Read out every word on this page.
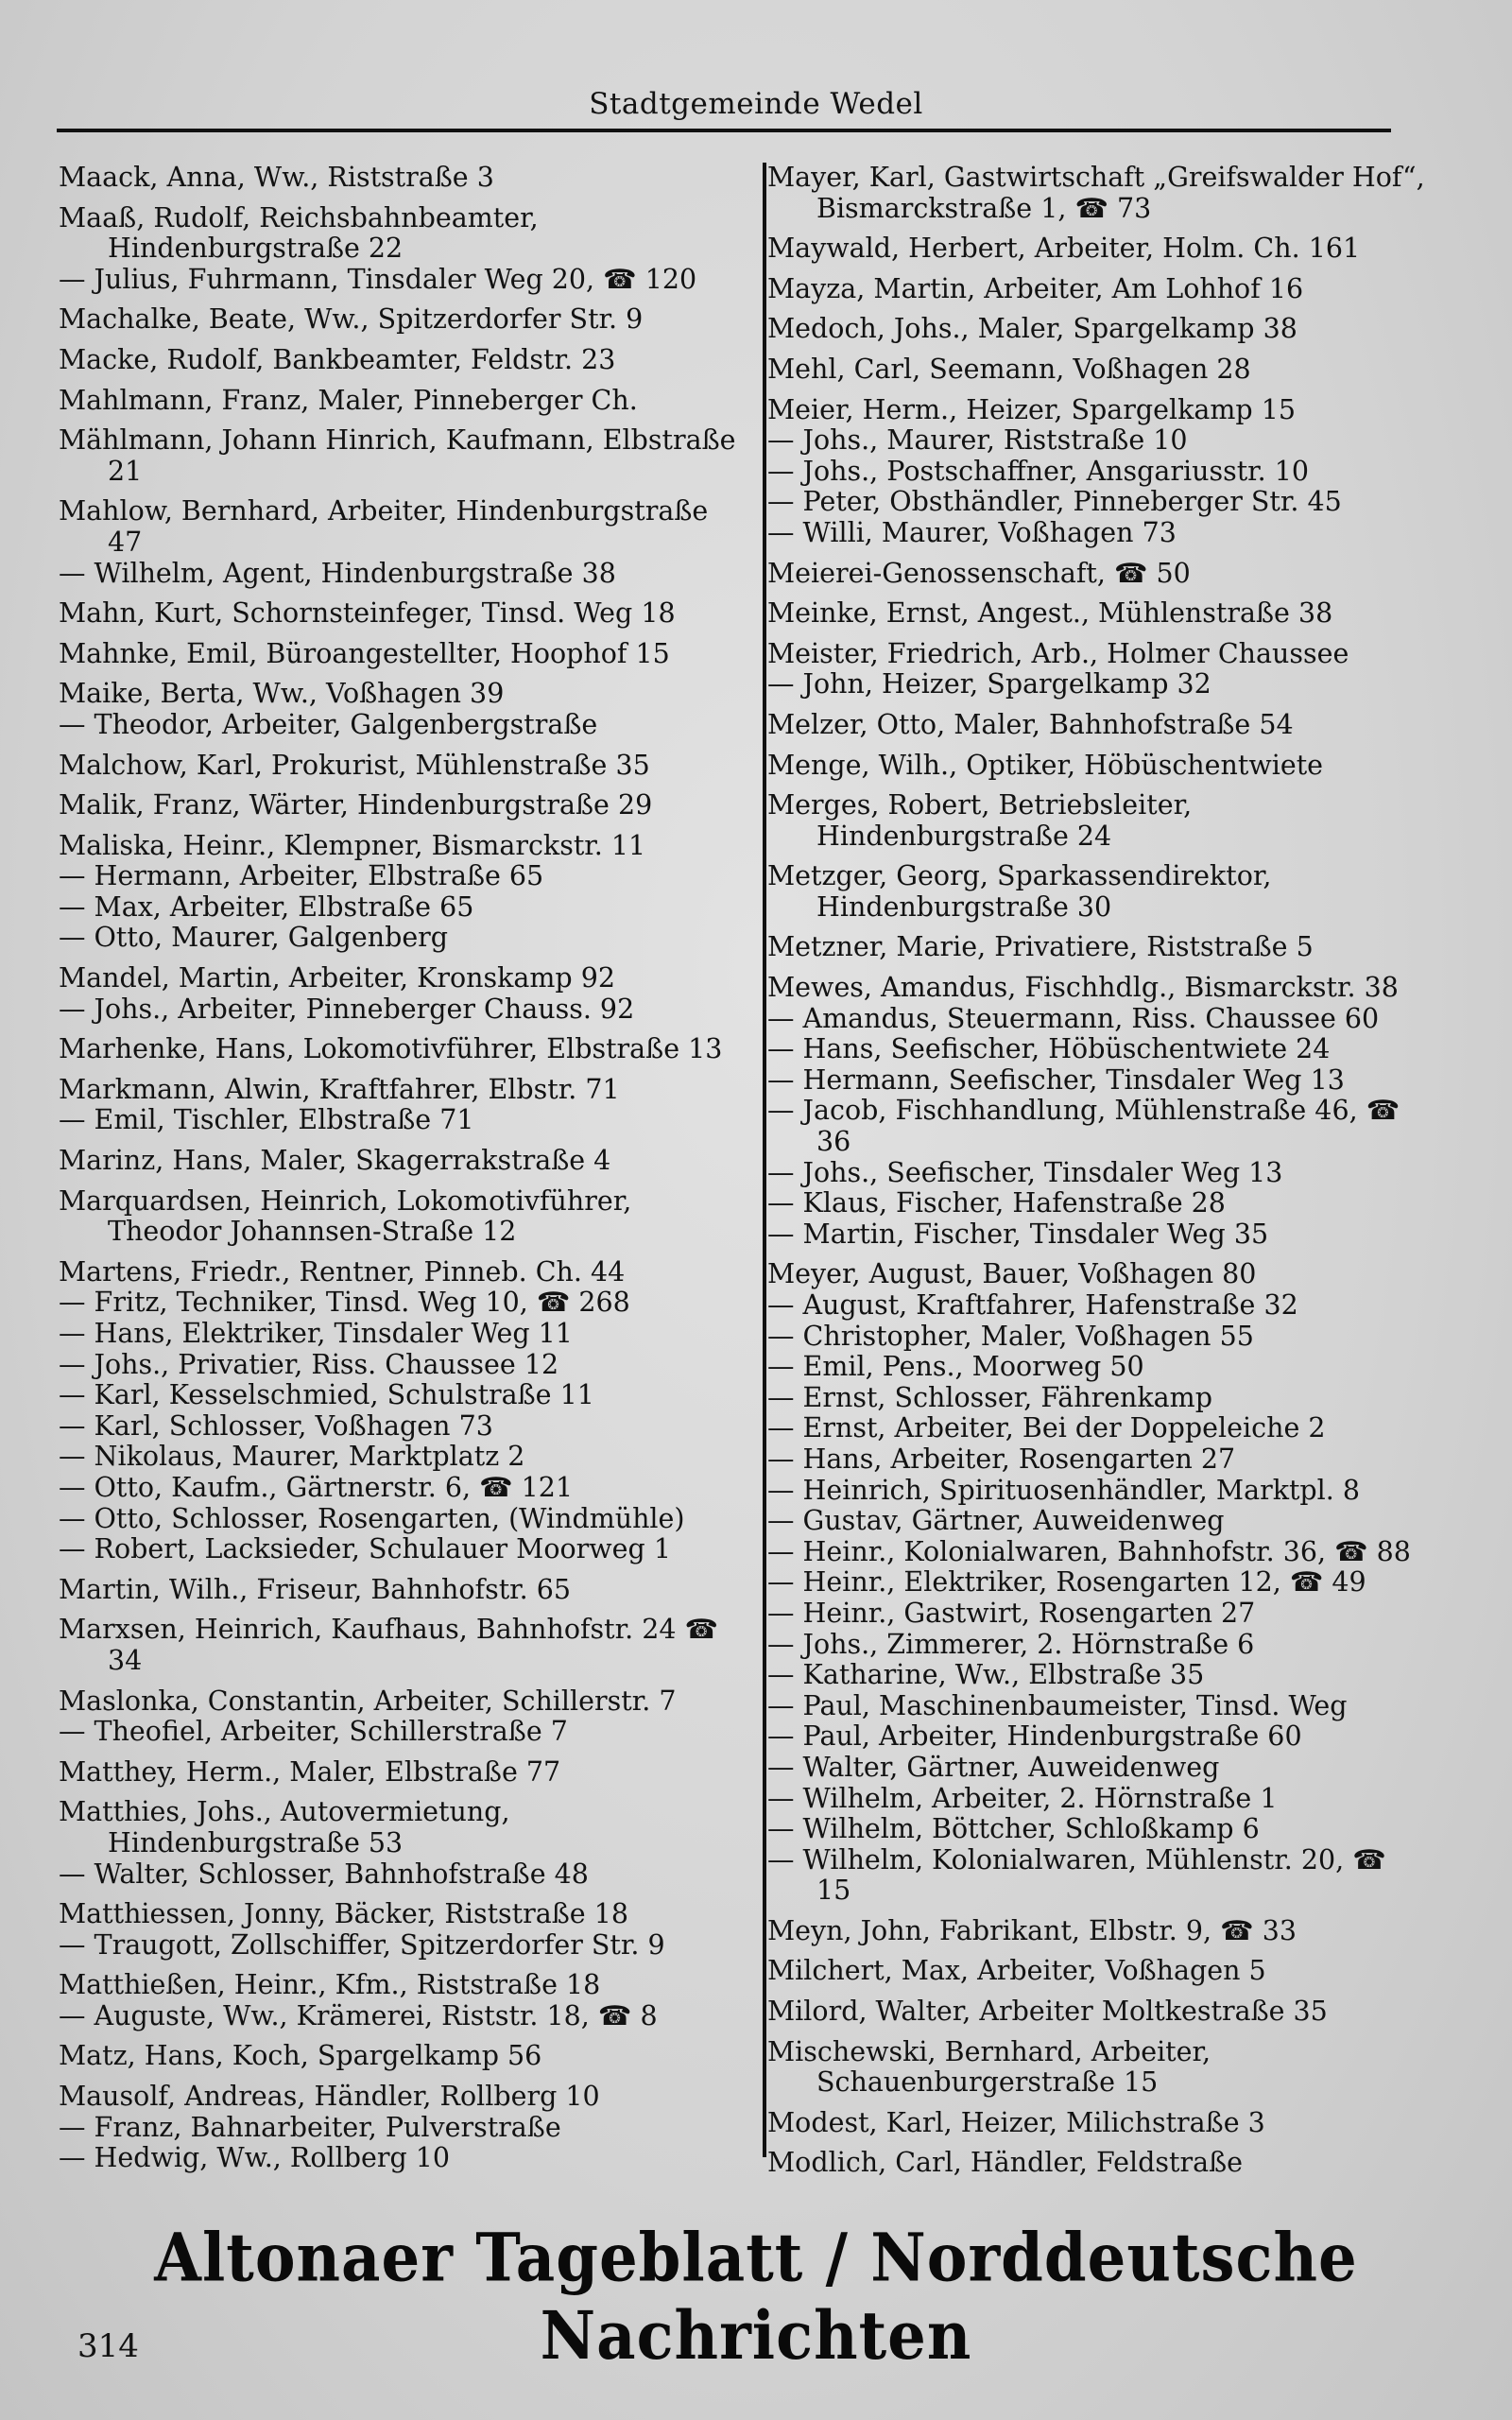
Stadtgemeinde Wedel

Maack, Anna, Ww., Riststraße 3

Maaß, Rudolf, Reichsbahnbeamter, Hindenburgstraße 22

— Julius, Fuhrmann, Tinsdaler Weg 20, ☎ 120

Machalke, Beate, Ww., Spitzerdorfer Str. 9

Macke, Rudolf, Bankbeamter, Feldstr. 23

Mahlmann, Franz, Maler, Pinneberger Ch.

Mählmann, Johann Hinrich, Kaufmann, Elbstraße 21

Mahlow, Bernhard, Arbeiter, Hindenburgstraße 47

— Wilhelm, Agent, Hindenburgstraße 38

Mahn, Kurt, Schornsteinfeger, Tinsd. Weg 18

Mahnke, Emil, Büroangestellter, Hoophof 15

Maike, Berta, Ww., Voßhagen 39

— Theodor, Arbeiter, Galgenbergstraße

Malchow, Karl, Prokurist, Mühlenstraße 35

Malik, Franz, Wärter, Hindenburgstraße 29

Maliska, Heinr., Klempner, Bismarckstr. 11

— Hermann, Arbeiter, Elbstraße 65

— Max, Arbeiter, Elbstraße 65

— Otto, Maurer, Galgenberg

Mandel, Martin, Arbeiter, Kronskamp 92

— Johs., Arbeiter, Pinneberger Chauss. 92

Marhenke, Hans, Lokomotivführer, Elbstraße 13

Markmann, Alwin, Kraftfahrer, Elbstr. 71

— Emil, Tischler, Elbstraße 71

Marinz, Hans, Maler, Skagerrakstraße 4

Marquardsen, Heinrich, Lokomotivführer, Theodor Johannsen-Straße 12

Martens, Friedr., Rentner, Pinneb. Ch. 44

— Fritz, Techniker, Tinsd. Weg 10, ☎ 268

— Hans, Elektriker, Tinsdaler Weg 11

— Johs., Privatier, Riss. Chaussee 12

— Karl, Kesselschmied, Schulstraße 11

— Karl, Schlosser, Voßhagen 73

— Nikolaus, Maurer, Marktplatz 2

— Otto, Kaufm., Gärtnerstr. 6, ☎ 121

— Otto, Schlosser, Rosengarten, (Windmühle)

— Robert, Lacksieder, Schulauer Moorweg 1

Martin, Wilh., Friseur, Bahnhofstr. 65

Marxsen, Heinrich, Kaufhaus, Bahnhofstr. 24 ☎ 34

Maslonka, Constantin, Arbeiter, Schillerstr. 7

— Theofiel, Arbeiter, Schillerstraße 7

Matthey, Herm., Maler, Elbstraße 77

Matthies, Johs., Autovermietung, Hindenburgstraße 53

— Walter, Schlosser, Bahnhofstraße 48

Matthiessen, Jonny, Bäcker, Riststraße 18

— Traugott, Zollschiffer, Spitzerdorfer Str. 9

Matthießen, Heinr., Kfm., Riststraße 18

— Auguste, Ww., Krämerei, Riststr. 18, ☎ 8

Matz, Hans, Koch, Spargelkamp 56

Mausolf, Andreas, Händler, Rollberg 10

— Franz, Bahnarbeiter, Pulverstraße

— Hedwig, Ww., Rollberg 10

Mayer, Karl, Gastwirtschaft „Greifswalder Hof“, Bismarckstraße 1, ☎ 73

Maywald, Herbert, Arbeiter, Holm. Ch. 161

Mayza, Martin, Arbeiter, Am Lohhof 16

Medoch, Johs., Maler, Spargelkamp 38

Mehl, Carl, Seemann, Voßhagen 28

Meier, Herm., Heizer, Spargelkamp 15

— Johs., Maurer, Riststraße 10

— Johs., Postschaffner, Ansgariusstr. 10

— Peter, Obsthändler, Pinneberger Str. 45

— Willi, Maurer, Voßhagen 73

Meierei-Genossenschaft, ☎ 50

Meinke, Ernst, Angest., Mühlenstraße 38

Meister, Friedrich, Arb., Holmer Chaussee

— John, Heizer, Spargelkamp 32

Melzer, Otto, Maler, Bahnhofstraße 54

Menge, Wilh., Optiker, Höbüschentwiete

Merges, Robert, Betriebsleiter, Hindenburgstraße 24

Metzger, Georg, Sparkassendirektor, Hindenburgstraße 30

Metzner, Marie, Privatiere, Riststraße 5

Mewes, Amandus, Fischhdlg., Bismarckstr. 38

— Amandus, Steuermann, Riss. Chaussee 60

— Hans, Seefischer, Höbüschentwiete 24

— Hermann, Seefischer, Tinsdaler Weg 13

— Jacob, Fischhandlung, Mühlenstraße 46, ☎ 36

— Johs., Seefischer, Tinsdaler Weg 13

— Klaus, Fischer, Hafenstraße 28

— Martin, Fischer, Tinsdaler Weg 35

Meyer, August, Bauer, Voßhagen 80

— August, Kraftfahrer, Hafenstraße 32

— Christopher, Maler, Voßhagen 55

— Emil, Pens., Moorweg 50

— Ernst, Schlosser, Fährenkamp

— Ernst, Arbeiter, Bei der Doppeleiche 2

— Hans, Arbeiter, Rosengarten 27

— Heinrich, Spirituosenhändler, Marktpl. 8

— Gustav, Gärtner, Auweidenweg

— Heinr., Kolonialwaren, Bahnhofstr. 36, ☎ 88

— Heinr., Elektriker, Rosengarten 12, ☎ 49

— Heinr., Gastwirt, Rosengarten 27

— Johs., Zimmerer, 2. Hörnstraße 6

— Katharine, Ww., Elbstraße 35

— Paul, Maschinenbaumeister, Tinsd. Weg

— Paul, Arbeiter, Hindenburgstraße 60

— Walter, Gärtner, Auweidenweg

— Wilhelm, Arbeiter, 2. Hörnstraße 1

— Wilhelm, Böttcher, Schloßkamp 6

— Wilhelm, Kolonialwaren, Mühlenstr. 20, ☎ 15

Meyn, John, Fabrikant, Elbstr. 9, ☎ 33

Milchert, Max, Arbeiter, Voßhagen 5

Milord, Walter, Arbeiter Moltkestraße 35

Mischewski, Bernhard, Arbeiter, Schauenburgerstraße 15

Modest, Karl, Heizer, Milichstraße 3

Modlich, Carl, Händler, Feldstraße

Altonaer Tageblatt / Norddeutsche Nachrichten
314
